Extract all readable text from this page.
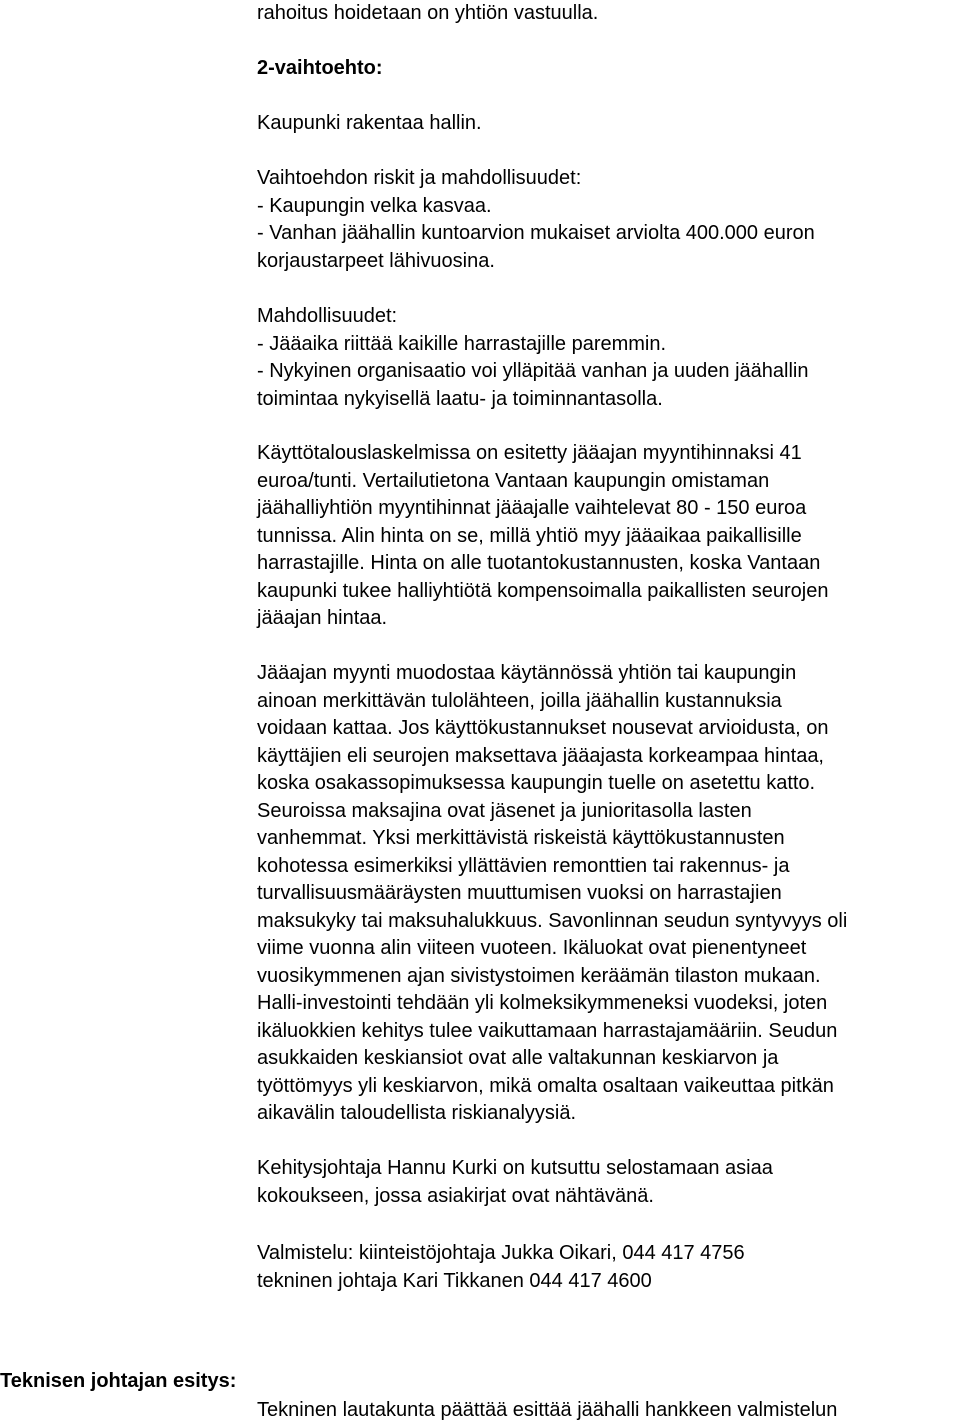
rahoitus hoidetaan on yhtiön vastuulla.
2-vaihtoehto:
Kaupunki rakentaa hallin.
Vaihtoehdon riskit ja mahdollisuudet:
- Kaupungin velka kasvaa.
- Vanhan jäähallin kuntoarvion mukaiset arviolta 400.000 euron
korjaustarpeet lähivuosina.
Mahdollisuudet:
- Jääaika riittää kaikille harrastajille paremmin.
- Nykyinen organisaatio voi ylläpitää vanhan ja uuden jäähallin
toimintaa nykyisellä laatu- ja toiminnantasolla.
Käyttötalouslaskelmissa on esitetty jääajan myyntihinnaksi 41
euroa/tunti. Vertailutietona Vantaan kaupungin omistaman
jäähalliyhtiön myyntihinnat jääajalle vaihtelevat 80 - 150 euroa
tunnissa. Alin hinta on se, millä yhtiö myy jääaikaa paikallisille
harrastajille. Hinta on alle tuotantokustannusten, koska Vantaan
kaupunki tukee halliyhtiötä kompensoimalla paikallisten seurojen
jääajan hintaa.
Jääajan myynti muodostaa käytännössä yhtiön tai kaupungin
ainoan merkittävän tulolähteen, joilla jäähallin kustannuksia
voidaan kattaa. Jos käyttökustannukset nousevat arvioidusta, on
käyttäjien eli seurojen maksettava jääajasta korkeampaa hintaa,
koska osakassopimuksessa kaupungin tuelle on asetettu katto.
Seuroissa maksajina ovat jäsenet ja junioritasolla lasten
vanhemmat. Yksi merkittävistä riskeistä käyttökustannusten
kohotessa esimerkiksi yllättävien remonttien tai rakennus- ja
turvallisuusmääräysten muuttumisen vuoksi on harrastajien
maksukyky tai maksuhalukkuus. Savonlinnan seudun syntyvyys oli
viime vuonna alin viiteen vuoteen. Ikäluokat ovat pienentyneet
vuosikymmenen ajan sivistystoimen keräämän tilaston mukaan.
Halli-investointi tehdään yli kolmeksikymmeneksi vuodeksi, joten
ikäluokkien kehitys tulee vaikuttamaan harrastajamääriin. Seudun
asukkaiden keskiansiot ovat alle valtakunnan keskiarvon ja
työttömyys yli keskiarvon, mikä omalta osaltaan vaikeuttaa pitkän
aikavälin taloudellista riskianalyysiä.
Kehitysjohtaja Hannu Kurki on kutsuttu selostamaan asiaa
kokoukseen, jossa asiakirjat ovat nähtävänä.
Valmistelu: kiinteistöjohtaja Jukka Oikari, 044 417 4756
tekninen johtaja Kari Tikkanen 044 417 4600
Teknisen johtajan esitys:
Tekninen lautakunta päättää esittää jäähalli hankkeen valmistelun
